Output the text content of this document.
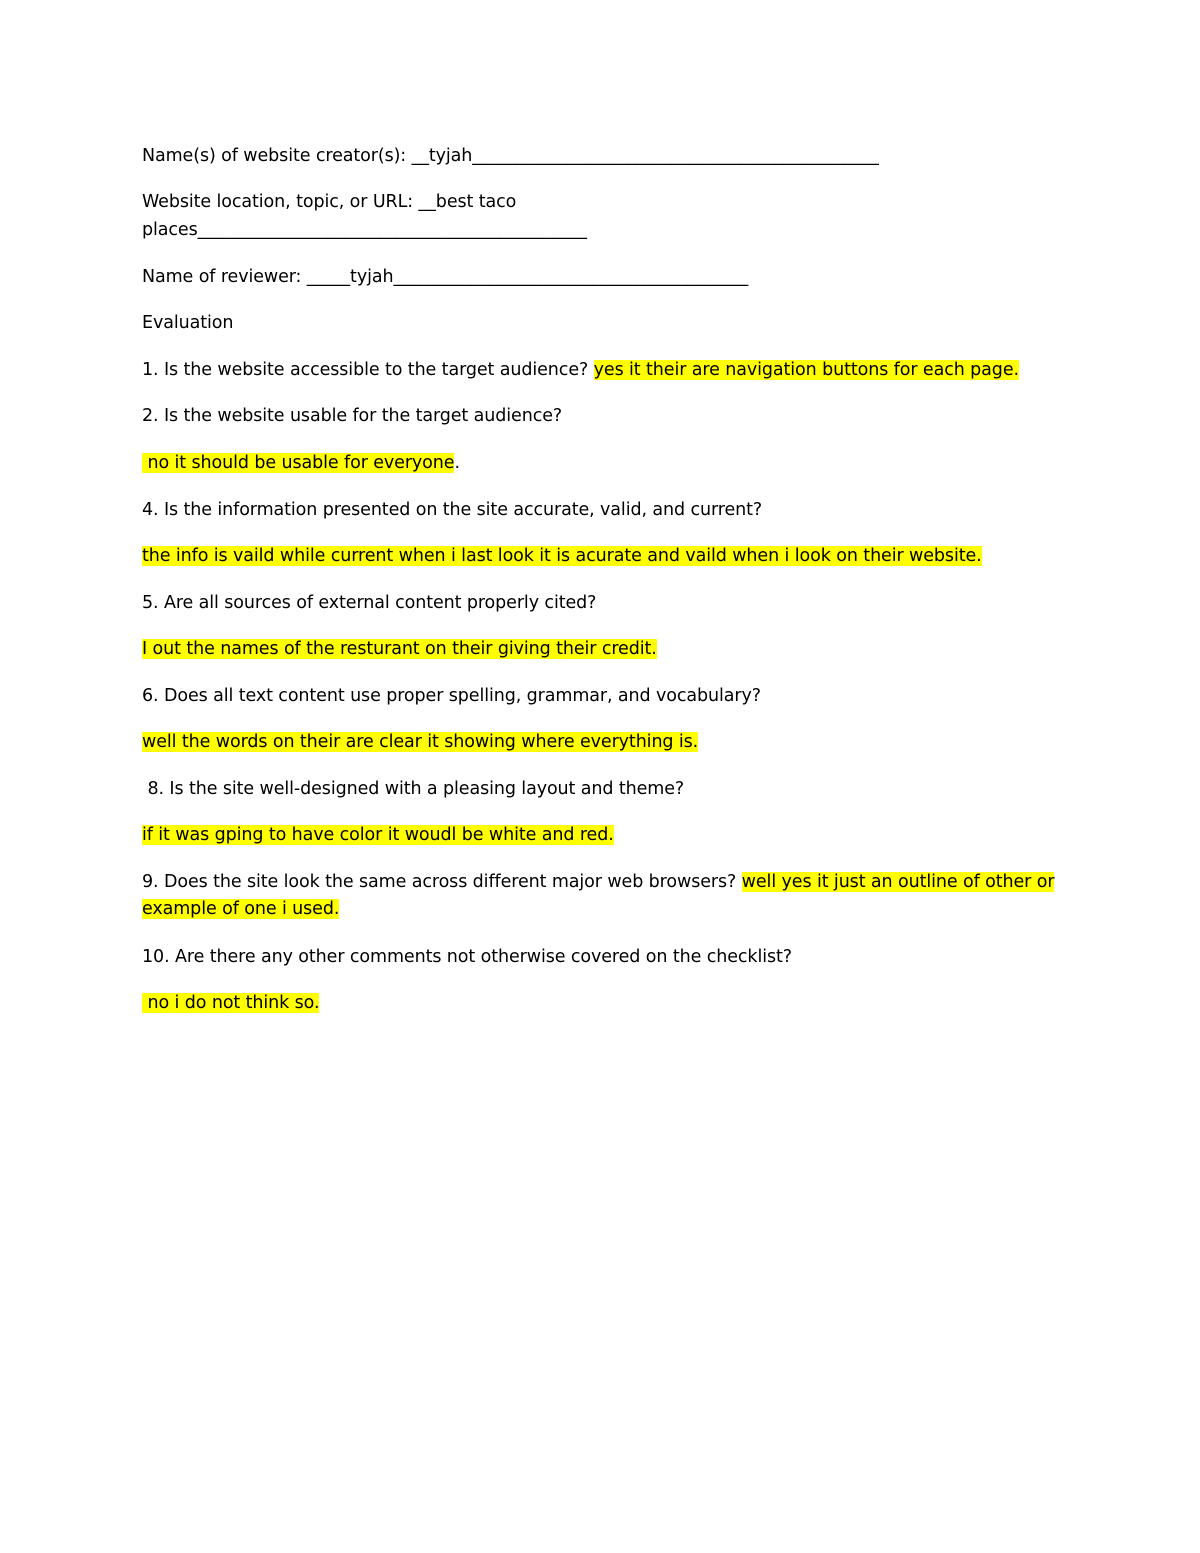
Name(s) of website creator(s): __tyjah_______________________________________________
Website location, topic, or URL: __best taco
places_____________________________________________
Name of reviewer: _____tyjah_________________________________________
Evaluation
1. Is the website accessible to the target audience? yes it their are navigation buttons for each page.
2. Is the website usable for the target audience?
no it should be usable for everyone.
4. Is the information presented on the site accurate, valid, and current?
the info is vaild while current when i last look it is acurate and vaild when i look on their website.
5. Are all sources of external content properly cited?
I out the names of the resturant on their giving their credit.
6. Does all text content use proper spelling, grammar, and vocabulary?
well the words on their are clear it showing where everything is.
8. Is the site well-designed with a pleasing layout and theme?
if it was gping to have color it woudl be white and red.
9. Does the site look the same across different major web browsers? well yes it just an outline of other or
example of one i used.
10. Are there any other comments not otherwise covered on the checklist?
no i do not think so.
